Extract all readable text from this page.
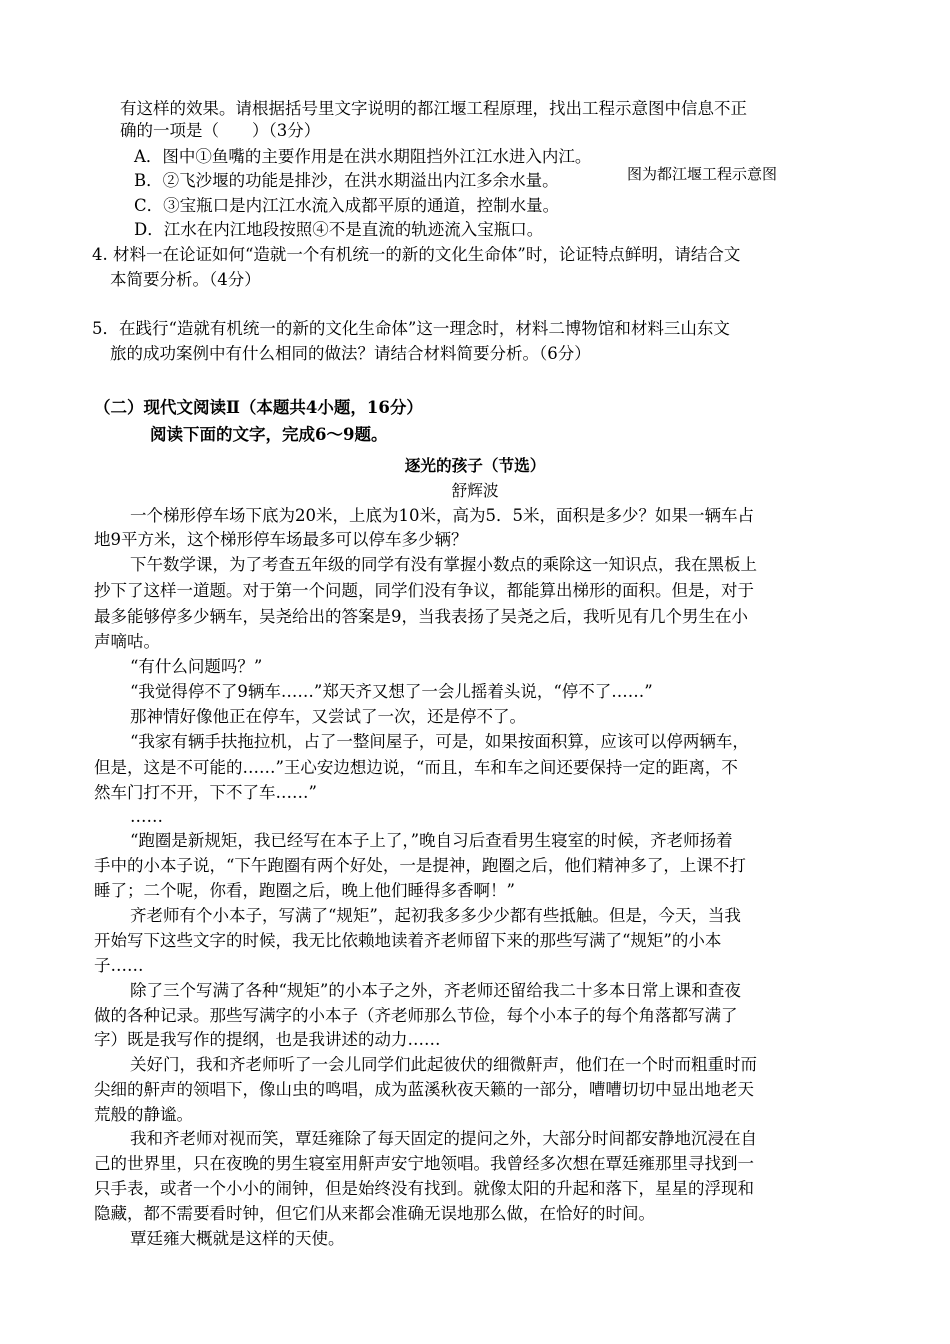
有这样的效果。请根据括号里文字说明的都江堰工程原理，找出工程示意图中信息不正
确的一项是（　　）（3分）
A．图中①鱼嘴的主要作用是在洪水期阻挡外江江水进入内江。
B．②飞沙堰的功能是排沙，在洪水期溢出内江多余水量。	图为都江堰工程示意图
C．③宝瓶口是内江江水流入成都平原的通道，控制水量。
D．江水在内江地段按照④不是直流的轨迹流入宝瓶口。
4. 材料一在论证如何“造就一个有机统一的新的文化生命体”时，论证特点鲜明，请结合文
本简要分析。（4分）
5．在践行“造就有机统一的新的文化生命体”这一理念时，材料二博物馆和材料三山东文
旅的成功案例中有什么相同的做法？请结合材料简要分析。（6分）
（二）现代文阅读Ⅱ（本题共4小题，16分）
阅读下面的文字，完成6～9题。
逐光的孩子（节选）
舒辉波
一个梯形停车场下底为20米，上底为10米，高为5．5米，面积是多少？如果一辆车占
地9平方米，这个梯形停车场最多可以停车多少辆？
下午数学课，为了考查五年级的同学有没有掌握小数点的乘除这一知识点，我在黑板上
抄下了这样一道题。对于第一个问题，同学们没有争议，都能算出梯形的面积。但是，对于
最多能够停多少辆车，吴尧给出的答案是9，当我表扬了吴尧之后，我听见有几个男生在小
声嘀咕。
“有什么问题吗？”
“我觉得停不了9辆车……”郑天齐又想了一会儿摇着头说，“停不了……”
那神情好像他正在停车，又尝试了一次，还是停不了。
“我家有辆手扶拖拉机，占了一整间屋子，可是，如果按面积算，应该可以停两辆车，
但是，这是不可能的……”王心安边想边说，“而且，车和车之间还要保持一定的距离，不
然车门打不开，下不了车……”
……
“跑圈是新规矩，我已经写在本子上了，”晚自习后查看男生寝室的时候，齐老师扬着
手中的小本子说，“下午跑圈有两个好处，一是提神，跑圈之后，他们精神多了，上课不打
睡了；二个呢，你看，跑圈之后，晚上他们睡得多香啊！”
齐老师有个小本子，写满了“规矩”，起初我多多少少都有些抵触。但是，今天，当我
开始写下这些文字的时候，我无比依赖地读着齐老师留下来的那些写满了“规矩”的小本
子……
除了三个写满了各种“规矩”的小本子之外，齐老师还留给我二十多本日常上课和查夜
做的各种记录。那些写满字的小本子（齐老师那么节俭，每个小本子的每个角落都写满了
字）既是我写作的提纲，也是我讲述的动力……
关好门，我和齐老师听了一会儿同学们此起彼伏的细微鼾声，他们在一个时而粗重时而
尖细的鼾声的领唱下，像山虫的鸣唱，成为蓝溪秋夜天籁的一部分，嘈嘈切切中显出地老天
荒般的静谧。
我和齐老师对视而笑，覃廷雍除了每天固定的提问之外，大部分时间都安静地沉浸在自
己的世界里，只在夜晚的男生寝室用鼾声安宁地领唱。我曾经多次想在覃廷雍那里寻找到一
只手表，或者一个小小的闹钟，但是始终没有找到。就像太阳的升起和落下，星星的浮现和
隐藏，都不需要看时钟，但它们从来都会准确无误地那么做，在恰好的时间。
覃廷雍大概就是这样的天使。
